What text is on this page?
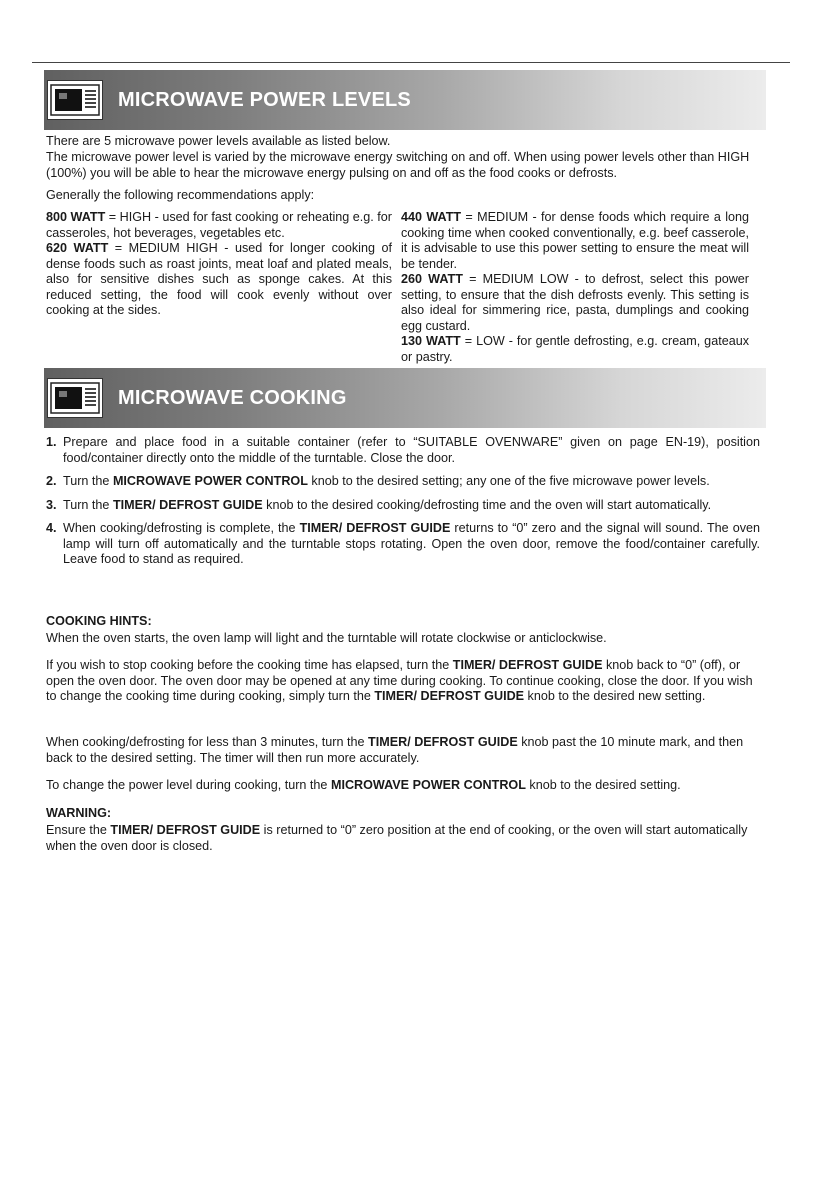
MICROWAVE POWER LEVELS

There are 5 microwave power levels available as listed below.

The microwave power level is varied by the microwave energy switching on and off. When using power levels other than HIGH (100%) you will be able to hear the microwave energy pulsing on and off as the food cooks or defrosts.

Generally the following recommendations apply:

800 WATT = HIGH - used for fast cooking or reheating e.g. for casseroles, hot beverages, vegetables etc.

620 WATT = MEDIUM HIGH - used for longer cooking of dense foods such as roast joints, meat loaf and plated meals, also for sensitive dishes such as sponge cakes. At this reduced setting, the food will cook evenly without over cooking at the sides.

440 WATT = MEDIUM - for dense foods which require a long cooking time when cooked conventionally, e.g. beef casserole, it is advisable to use this power setting to ensure the meat will be tender.

260 WATT = MEDIUM LOW - to defrost, select this power setting, to ensure that the dish defrosts evenly. This setting is also ideal for simmering rice, pasta, dumplings and cooking egg custard.

130 WATT = LOW - for gentle defrosting, e.g. cream, gateaux or pastry.

MICROWAVE COOKING
1. Prepare and place food in a suitable container (refer to “SUITABLE OVENWARE” given on page EN-19), position food/container directly onto the middle of the turntable. Close the door.
2. Turn the MICROWAVE POWER CONTROL knob to the desired setting; any one of the five microwave power levels.
3. Turn the TIMER/ DEFROST GUIDE knob to the desired cooking/defrosting time and the oven will start automatically.
4. When cooking/defrosting is complete, the TIMER/ DEFROST GUIDE returns to “0” zero and the signal will sound. The oven lamp will turn off automatically and the turntable stops rotating. Open the oven door, remove the food/container carefully. Leave food to stand as required.

COOKING HINTS:

When the oven starts, the oven lamp will light and the turntable will rotate clockwise or anticlockwise.

If you wish to stop cooking before the cooking time has elapsed, turn the TIMER/ DEFROST GUIDE knob back to “0” (off), or open the oven door. The oven door may be opened at any time during cooking. To continue cooking, close the door. If you wish to change the cooking time during cooking, simply turn the TIMER/ DEFROST GUIDE knob to the desired new setting.

When cooking/defrosting for less than 3 minutes, turn the TIMER/ DEFROST GUIDE knob past the 10 minute mark, and then back to the desired setting. The timer will then run more accurately.

To change the power level during cooking, turn the MICROWAVE POWER CONTROL knob to the desired setting.

WARNING:

Ensure the TIMER/ DEFROST GUIDE is returned to “0” zero position at the end of cooking, or the oven will start automatically when the oven door is closed.
